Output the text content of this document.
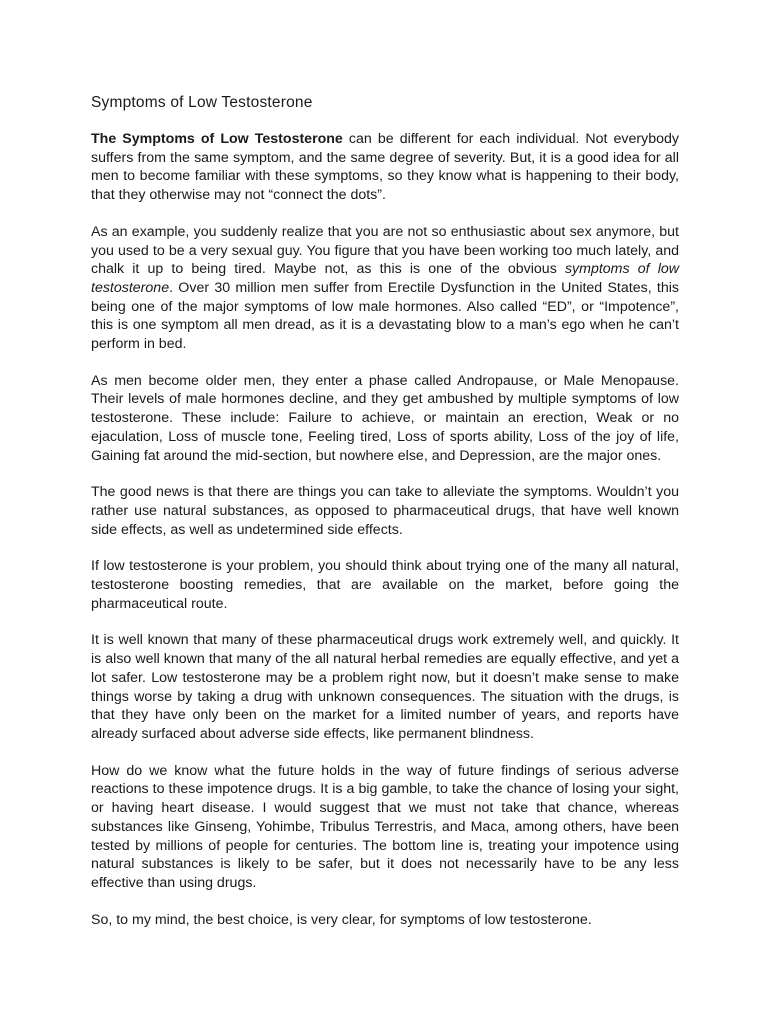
Symptoms of Low Testosterone

The Symptoms of Low Testosterone can be different for each individual. Not everybody suffers from the same symptom, and the same degree of severity. But, it is a good idea for all men to become familiar with these symptoms, so they know what is happening to their body, that they otherwise may not “connect the dots”.

As an example, you suddenly realize that you are not so enthusiastic about sex anymore, but you used to be a very sexual guy. You figure that you have been working too much lately, and chalk it up to being tired. Maybe not, as this is one of the obvious symptoms of low testosterone. Over 30 million men suffer from Erectile Dysfunction in the United States, this being one of the major symptoms of low male hormones. Also called “ED”, or “Impotence”, this is one symptom all men dread, as it is a devastating blow to a man’s ego when he can’t perform in bed.

As men become older men, they enter a phase called Andropause, or Male Menopause. Their levels of male hormones decline, and they get ambushed by multiple symptoms of low testosterone. These include: Failure to achieve, or maintain an erection, Weak or no ejaculation, Loss of muscle tone, Feeling tired, Loss of sports ability, Loss of the joy of life, Gaining fat around the mid-section, but nowhere else, and Depression, are the major ones.

The good news is that there are things you can take to alleviate the symptoms. Wouldn’t you rather use natural substances, as opposed to pharmaceutical drugs, that have well known side effects, as well as undetermined side effects.

If low testosterone is your problem, you should think about trying one of the many all natural, testosterone boosting remedies, that are available on the market, before going the pharmaceutical route.

It is well known that many of these pharmaceutical drugs work extremely well, and quickly. It is also well known that many of the all natural herbal remedies are equally effective, and yet a lot safer. Low testosterone may be a problem right now, but it doesn’t make sense to make things worse by taking a drug with unknown consequences. The situation with the drugs, is that they have only been on the market for a limited number of years, and reports have already surfaced about adverse side effects, like permanent blindness.

How do we know what the future holds in the way of future findings of serious adverse reactions to these impotence drugs. It is a big gamble, to take the chance of losing your sight, or having heart disease. I would suggest that we must not take that chance, whereas substances like Ginseng, Yohimbe, Tribulus Terrestris, and Maca, among others, have been tested by millions of people for centuries. The bottom line is, treating your impotence using natural substances is likely to be safer, but it does not necessarily have to be any less effective than using drugs.

So, to my mind, the best choice, is very clear, for symptoms of low testosterone.
